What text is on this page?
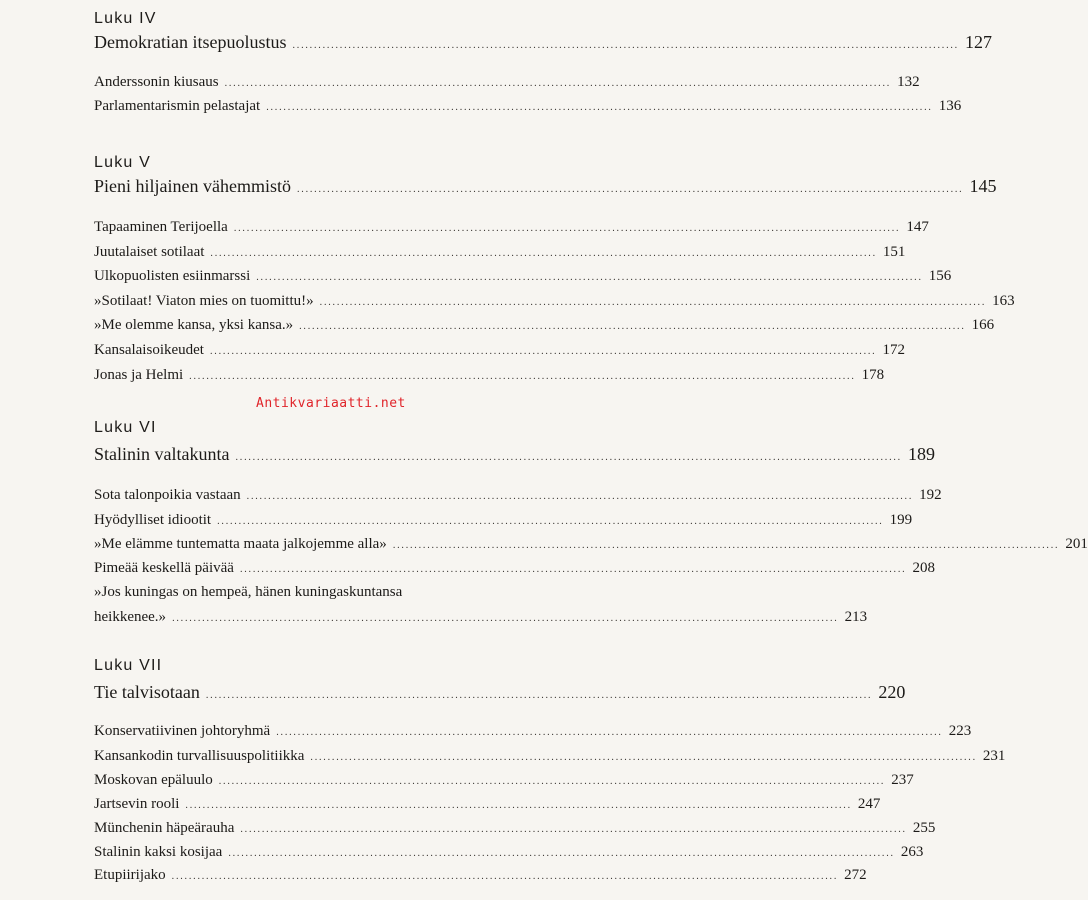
Luku IV
Demokratian itsepuolustus ........................................................................................................................................................... 127
Anderssonin kiusaus ........................................................................................................................................................... 132
Parlamentarismin pelastajat ........................................................................................................................................................... 136
Luku V
Pieni hiljainen vähemmistö ........................................................................................................................................................... 145
Tapaaminen Terijoella ........................................................................................................................................................... 147
Juutalaiset sotilaat ........................................................................................................................................................... 151
Ulkopuolisten esiinmarssi ........................................................................................................................................................... 156
»Sotilaat! Viaton mies on tuomittu!» ........................................................................................................................................................... 163
»Me olemme kansa, yksi kansa.» ........................................................................................................................................................... 166
Kansalaisoikeudet ........................................................................................................................................................... 172
Jonas ja Helmi ........................................................................................................................................................... 178
Antikvariaatti.net
Luku VI
Stalinin valtakunta ........................................................................................................................................................... 189
Sota talonpoikia vastaan ........................................................................................................................................................... 192
Hyödylliset idiootit ........................................................................................................................................................... 199
»Me elämme tuntematta maata jalkojemme alla» ........................................................................................................................................................... 201
Pimeää keskellä päivää ........................................................................................................................................................... 208
»Jos kuningas on hempeä, hänen kuningaskuntansa
heikkenee.» ........................................................................................................................................................... 213
Luku VII
Tie talvisotaan ........................................................................................................................................................... 220
Konservatiivinen johtoryhmä ........................................................................................................................................................... 223
Kansankodin turvallisuuspolitiikka ........................................................................................................................................................... 231
Moskovan epäluulo ........................................................................................................................................................... 237
Jartsevin rooli ........................................................................................................................................................... 247
Münchenin häpeärauha ........................................................................................................................................................... 255
Stalinin kaksi kosijaa ........................................................................................................................................................... 263
Etupiirijako ........................................................................................................................................................... 272
